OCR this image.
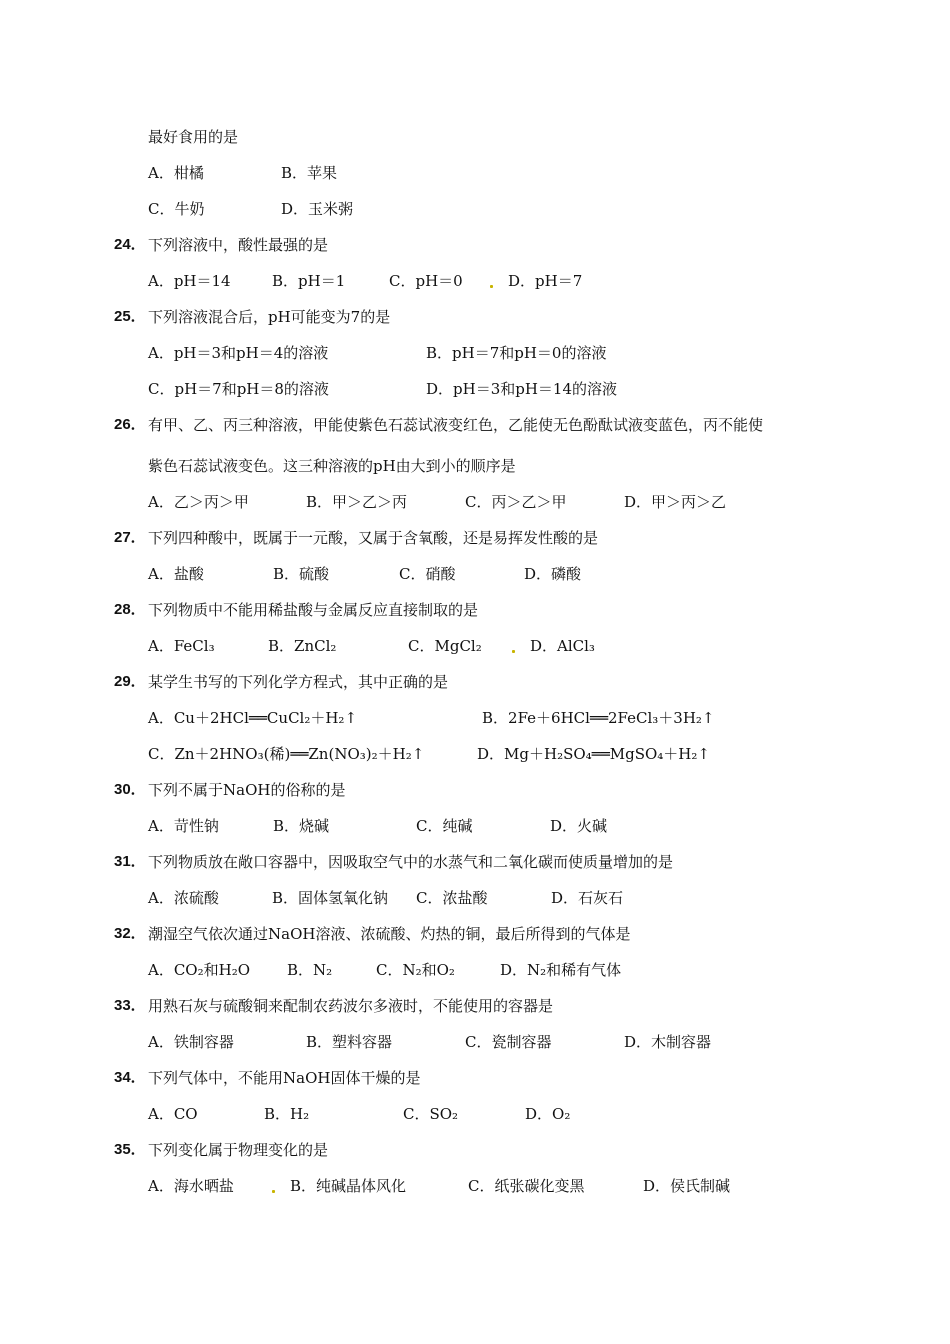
最好食用的是
A．柑橘	B．苹果
C．牛奶	D．玉米粥
24． 下列溶液中，酸性最强的是
A．pH＝14	B．pH＝1	C．pH＝0	D．pH＝7
25． 下列溶液混合后，pH可能变为7的是
A．pH＝3和pH＝4的溶液	B．pH＝7和pH＝0的溶液
C．pH＝7和pH＝8的溶液	D．pH＝3和pH＝14的溶液
26． 有甲、乙、丙三种溶液，甲能使紫色石蕊试液变红色，乙能使无色酚酞试液变蓝色，丙不能使
紫色石蕊试液变色。这三种溶液的pH由大到小的顺序是
A．乙＞丙＞甲	B．甲＞乙＞丙	C．丙＞乙＞甲	D．甲＞丙＞乙
27． 下列四种酸中，既属于一元酸，又属于含氧酸，还是易挥发性酸的是
A．盐酸	B．硫酸	C．硝酸	D．磷酸
28． 下列物质中不能用稀盐酸与金属反应直接制取的是
A．FeCl₃	B．ZnCl₂	C．MgCl₂	D．AlCl₃
29． 某学生书写的下列化学方程式，其中正确的是
A．Cu＋2HCl══CuCl₂＋H₂↑	B．2Fe＋6HCl══2FeCl₃＋3H₂↑
C．Zn＋2HNO₃(稀)══Zn(NO₃)₂＋H₂↑	D．Mg＋H₂SO₄══MgSO₄＋H₂↑
30． 下列不属于NaOH的俗称的是
A．苛性钠	B．烧碱	C．纯碱	D．火碱
31． 下列物质放在敞口容器中，因吸取空气中的水蒸气和二氧化碳而使质量增加的是
A．浓硫酸	B．固体氢氧化钠 C．浓盐酸	D．石灰石
32． 潮湿空气依次通过NaOH溶液、浓硫酸、灼热的铜，最后所得到的气体是
A．CO₂和H₂O B．N₂	C．N₂和O₂	D．N₂和稀有气体
33． 用熟石灰与硫酸铜来配制农药波尔多液时，不能使用的容器是
A．铁制容器	B．塑料容器	C．瓷制容器	D．木制容器
34． 下列气体中，不能用NaOH固体干燥的是
A．CO	B．H₂	C．SO₂	D．O₂
35． 下列变化属于物理变化的是
A．海水晒盐	B．纯碱晶体风化	C．纸张碳化变黑	D．侯氏制碱
